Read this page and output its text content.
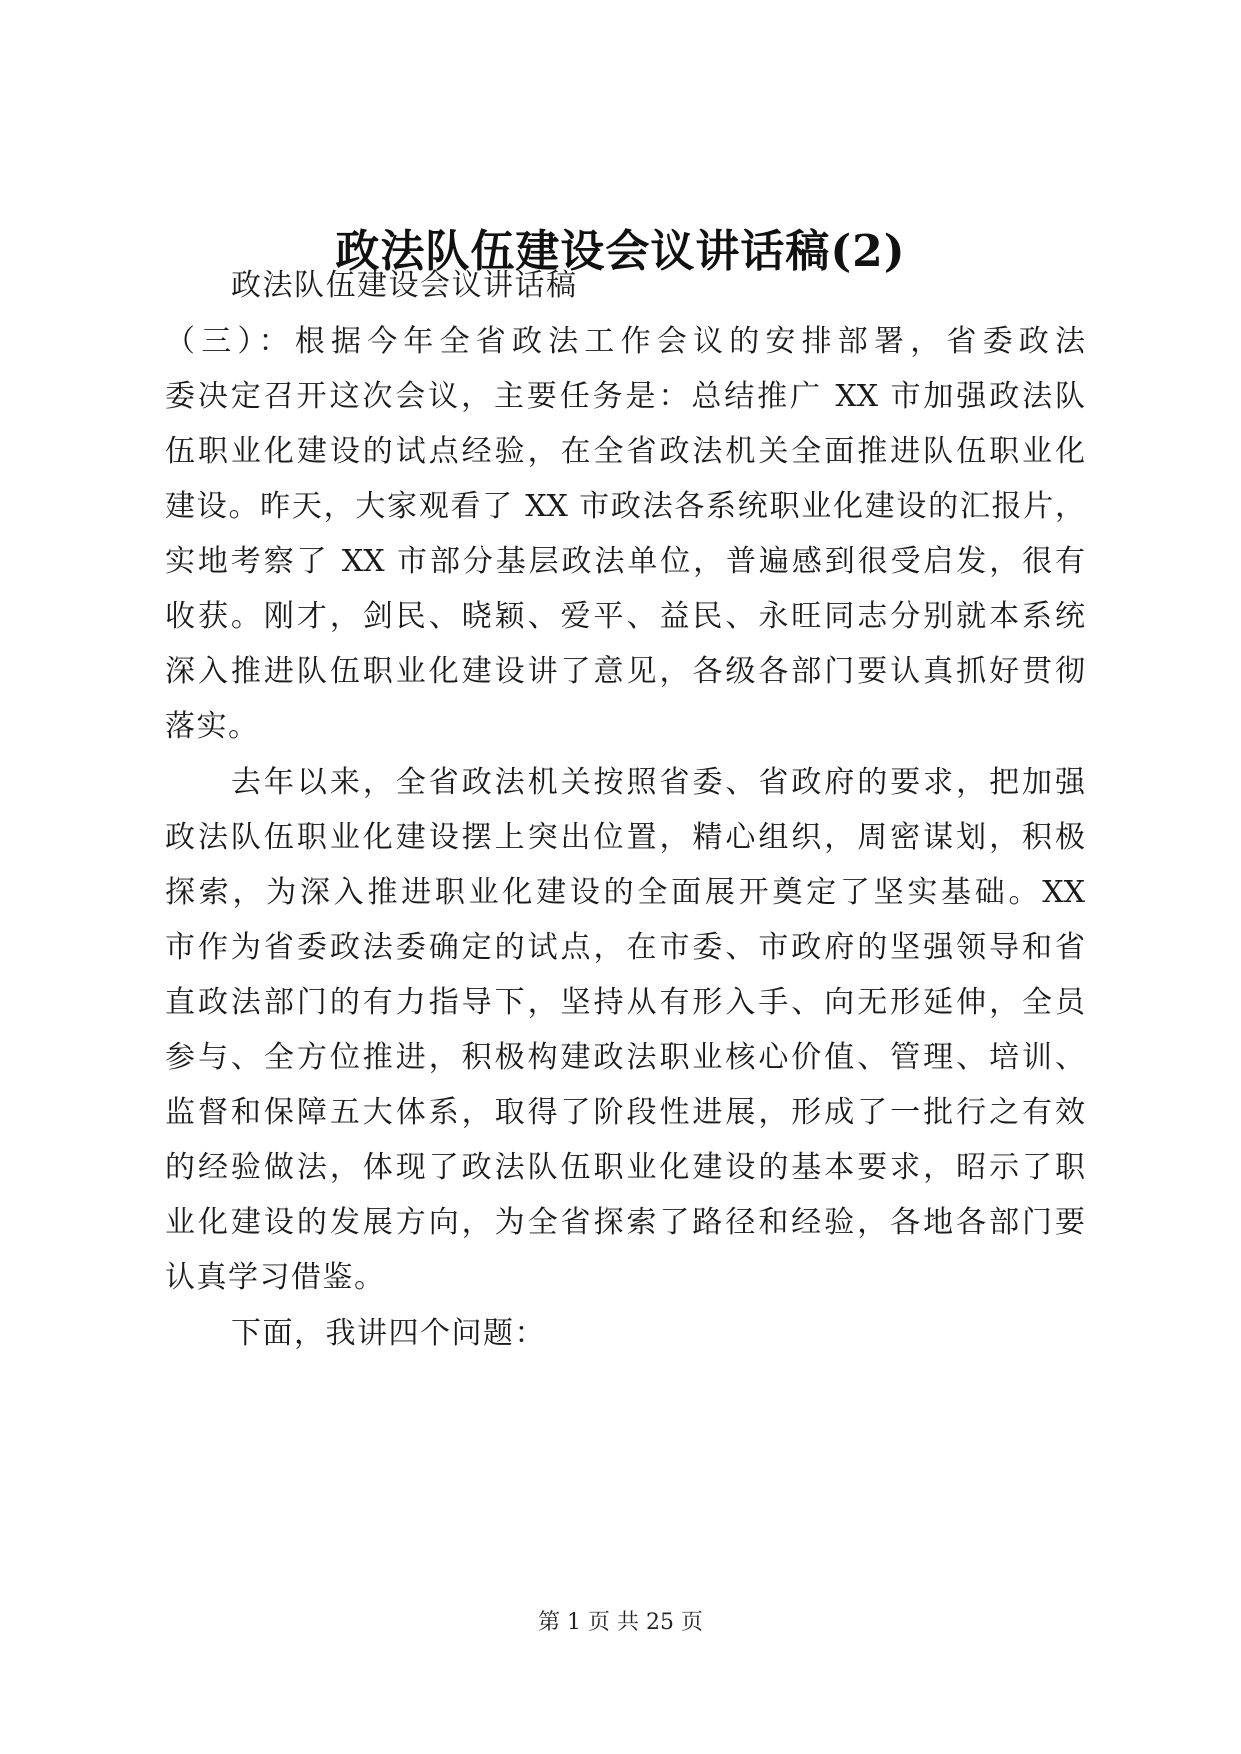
政法队伍建设会议讲话稿(2)
政法队伍建设会议讲话稿
（三）：根据今年全省政法工作会议的安排部署，省委政法
委决定召开这次会议，主要任务是：总结推广 XX 市加强政法队
伍职业化建设的试点经验，在全省政法机关全面推进队伍职业化
建设。昨天，大家观看了 XX 市政法各系统职业化建设的汇报片，
实地考察了 XX 市部分基层政法单位，普遍感到很受启发，很有
收获。刚才，剑民、晓颖、爱平、益民、永旺同志分别就本系统
深入推进队伍职业化建设讲了意见，各级各部门要认真抓好贯彻
落实。
去年以来，全省政法机关按照省委、省政府的要求，把加强
政法队伍职业化建设摆上突出位置，精心组织，周密谋划，积极
探索，为深入推进职业化建设的全面展开奠定了坚实基础。XX
市作为省委政法委确定的试点，在市委、市政府的坚强领导和省
直政法部门的有力指导下，坚持从有形入手、向无形延伸，全员
参与、全方位推进，积极构建政法职业核心价值、管理、培训、
监督和保障五大体系，取得了阶段性进展，形成了一批行之有效
的经验做法，体现了政法队伍职业化建设的基本要求，昭示了职
业化建设的发展方向，为全省探索了路径和经验，各地各部门要
认真学习借鉴。
下面，我讲四个问题：
第 1 页 共 25 页
